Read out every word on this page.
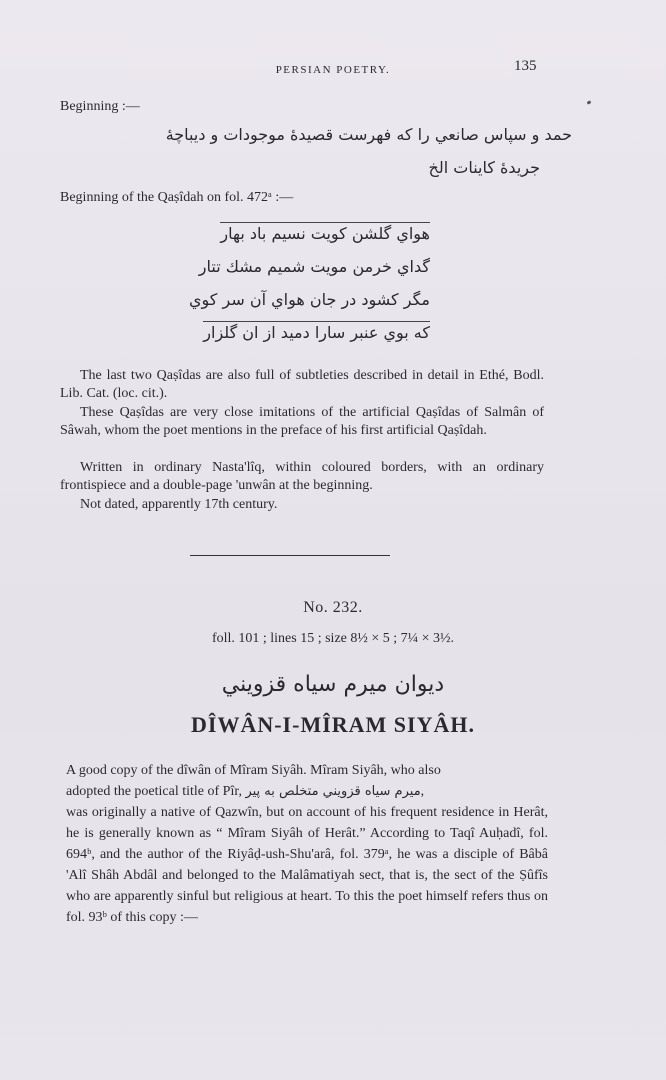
PERSIAN POETRY.	135
Beginning :—
حمد و سپاس صانعي را كه فهرست قصيدهٔ موجودات و ديباچهٔ
جريدهٔ كاينات الخ
Beginning of the Qaṣîdah on fol. 472ᵃ :—
هواي گلشن كويت نسيم باد بهار
گداي خرمن مويت شميم مشك تتار
مگر كشود در جان هواي آن سر كوي
كه بوي عنبر سارا دميد از ان گلزار

The last two Qaṣîdas are also full of subtleties described in detail in Ethé, Bodl. Lib. Cat. (loc. cit.).

These Qaṣîdas are very close imitations of the artificial Qaṣîdas of Salmân of Sâwah, whom the poet mentions in the preface of his first artificial Qaṣîdah.

Written in ordinary Nasta'lîq, within coloured borders, with an ordinary frontispiece and a double-page 'unwân at the beginning.

Not dated, apparently 17th century.

No. 232.
foll. 101 ; lines 15 ; size 8½ × 5 ; 7¼ × 3½.
ديوان ميرم سياه قزويني
DÎWÂN-I-MÎRAM SIYÂH.
A good copy of the dîwân of Mîram Siyâh. Mîram Siyâh, who also
adopted the poetical title of Pîr, ميرم سياه قزويني متخلص به پير,
was originally a native of Qazwîn, but on account of his frequent residence in Herât, he is generally known as “ Mîram Siyâh of Herât.” According to Taqî Auḥadî, fol. 694ᵇ, and the author of the Riyâḍ-ush-Shu'arâ, fol. 379ᵃ, he was a disciple of Bâbâ 'Alî Shâh Abdâl and belonged to the Malâmatiyah sect, that is, the sect of the Ṣûfîs who are apparently sinful but religious at heart. To this the poet himself refers thus on fol. 93ᵇ of this copy :—
